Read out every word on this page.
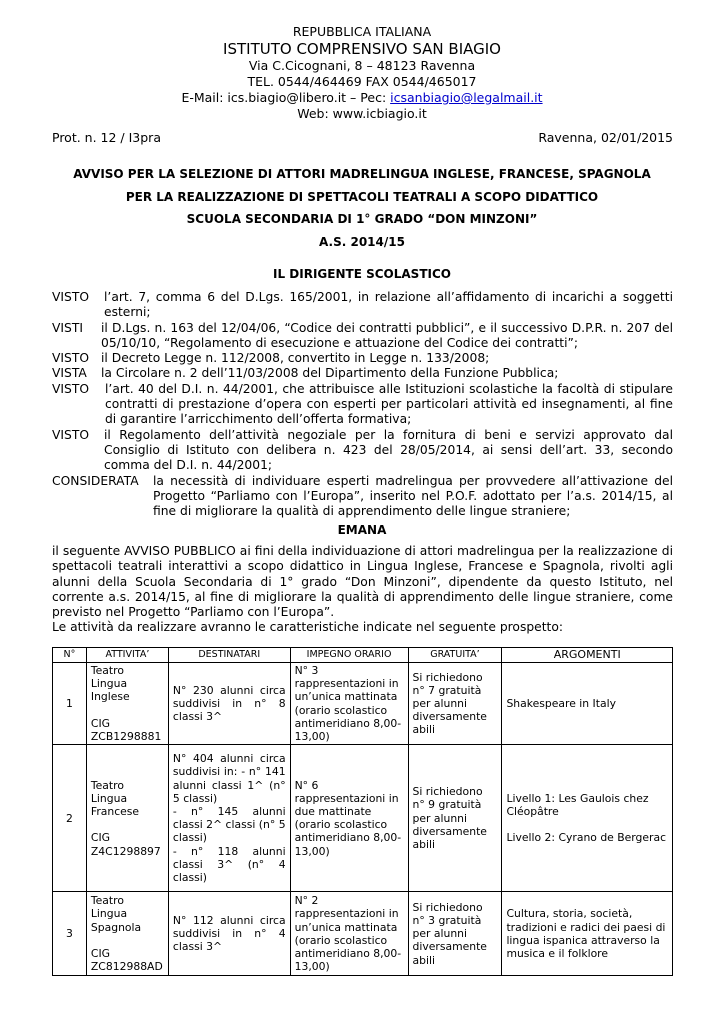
REPUBBLICA ITALIANA
ISTITUTO COMPRENSIVO SAN BIAGIO
Via C.Cicognani, 8 – 48123 Ravenna
TEL. 0544/464469 FAX 0544/465017
E-Mail: ics.biagio@libero.it – Pec: icsanbiagio@legalmail.it
Web: www.icbiagio.it
Prot. n. 12 / I3pra	Ravenna, 02/01/2015
AVVISO PER LA SELEZIONE DI ATTORI MADRELINGUA INGLESE, FRANCESE, SPAGNOLA
PER LA REALIZZAZIONE DI SPETTACOLI TEATRALI A SCOPO DIDATTICO
SCUOLA SECONDARIA DI 1° GRADO “DON MINZONI”
A.S. 2014/15
IL DIRIGENTE SCOLASTICO
VISTO	l’art. 7, comma 6 del D.Lgs. 165/2001, in relazione all’affidamento di incarichi a soggetti esterni;
VISTI	il D.Lgs. n. 163 del 12/04/06, “Codice dei contratti pubblici”, e il successivo D.P.R. n. 207 del 05/10/10, “Regolamento di esecuzione e attuazione del Codice dei contratti”;
VISTO il Decreto Legge n. 112/2008, convertito in Legge n. 133/2008;
VISTA	la Circolare n. 2 dell’11/03/2008 del Dipartimento della Funzione Pubblica;
VISTO	l’art. 40 del D.I. n. 44/2001, che attribuisce alle Istituzioni scolastiche la facoltà di stipulare contratti di prestazione d’opera con esperti per particolari attività ed insegnamenti, al fine di garantire l’arricchimento dell’offerta formativa;
VISTO	il Regolamento dell’attività negoziale per la fornitura di beni e servizi approvato dal Consiglio di Istituto con delibera n. 423 del 28/05/2014, ai sensi dell’art. 33, secondo comma del D.I. n. 44/2001;
CONSIDERATA	la necessità di individuare esperti madrelingua per provvedere all’attivazione del Progetto “Parliamo con l’Europa”, inserito nel P.O.F. adottato per l’a.s. 2014/15, al fine di migliorare la qualità di apprendimento delle lingue straniere;
EMANA

il seguente AVVISO PUBBLICO ai fini della individuazione di attori madrelingua per la realizzazione di spettacoli teatrali interattivi a scopo didattico in Lingua Inglese, Francese e Spagnola, rivolti agli alunni della Scuola Secondaria di 1° grado “Don Minzoni”, dipendente da questo Istituto, nel corrente a.s. 2014/15, al fine di migliorare la qualità di apprendimento delle lingue straniere, come previsto nel Progetto “Parliamo con l’Europa”.

Le attività da realizzare avranno le caratteristiche indicate nel seguente prospetto:

N°	ATTIVITA’	DESTINATARI	IMPEGNO ORARIO	GRATUITA’	ARGOMENTI
1	Teatro
Lingua
Inglese

CIG
ZCB1298881	N° 230 alunni circa suddivisi in n° 8 classi 3^	N° 3 rappresentazioni in un’unica mattinata (orario scolastico antimeridiano 8,00-13,00)	Si richiedono n° 7 gratuità per alunni diversamente abili	Shakespeare in Italy
2	Teatro
Lingua
Francese

CIG
Z4C1298897	N° 404 alunni circa suddivisi in: - n° 141 alunni classi 1^ (n° 5 classi)
- n° 145 alunni classi 2^ classi (n° 5 classi)
- n° 118 alunni classi 3^ (n° 4 classi)	N° 6 rappresentazioni in due mattinate (orario scolastico antimeridiano 8,00-13,00)	Si richiedono n° 9 gratuità per alunni diversamente abili	Livello 1: Les Gaulois chez Cléopâtre

Livello 2: Cyrano de Bergerac
3	Teatro
Lingua
Spagnola

CIG
ZC812988AD	N° 112 alunni circa suddivisi in n° 4 classi 3^	N° 2 rappresentazioni in un’unica mattinata (orario scolastico antimeridiano 8,00-13,00)	Si richiedono n° 3 gratuità per alunni diversamente abili	Cultura, storia, società, tradizioni e radici dei paesi di lingua ispanica attraverso la musica e il folklore
